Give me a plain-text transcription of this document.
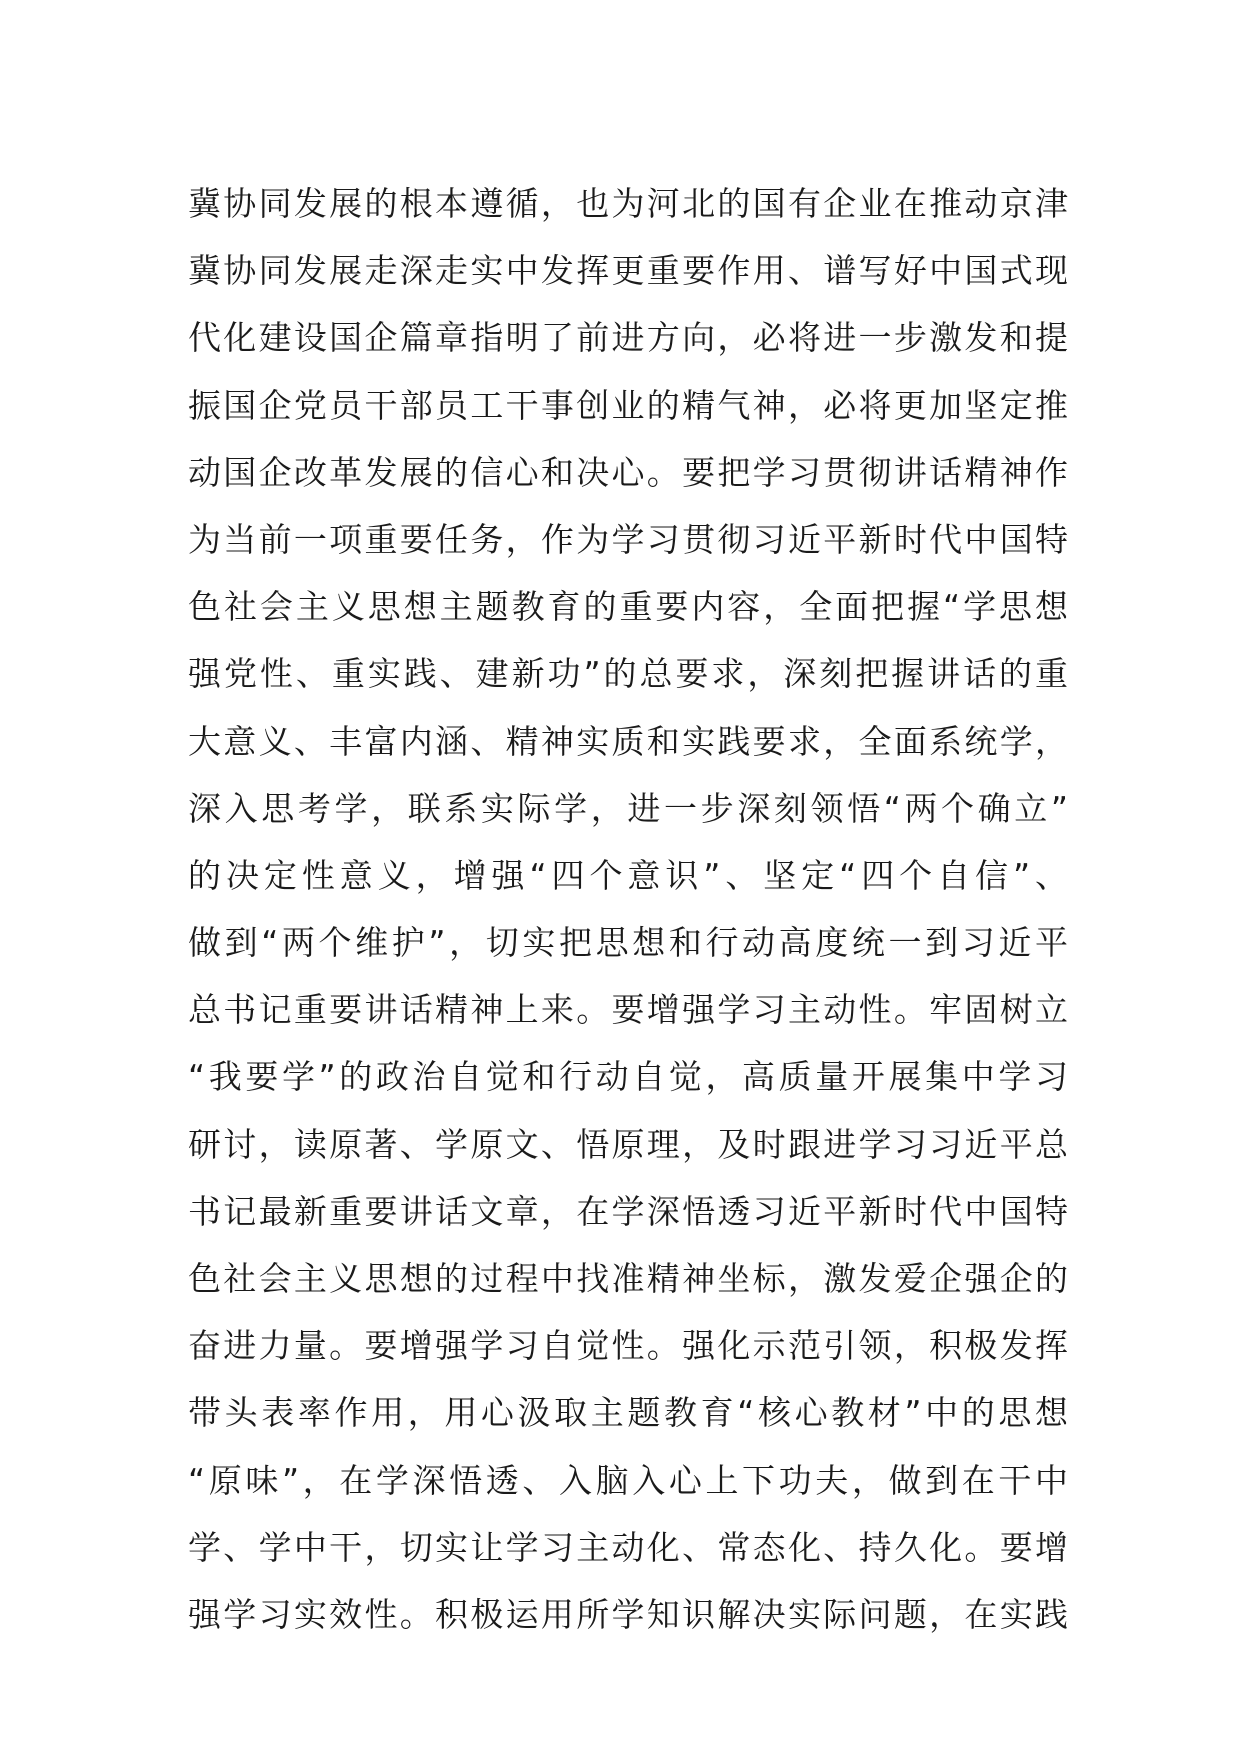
冀协同发展的根本遵循，也为河北的国有企业在推动京津
冀协同发展走深走实中发挥更重要作用、谱写好中国式现
代化建设国企篇章指明了前进方向，必将进一步激发和提
振国企党员干部员工干事创业的精气神，必将更加坚定推
动国企改革发展的信心和决心。要把学习贯彻讲话精神作
为当前一项重要任务，作为学习贯彻习近平新时代中国特
色社会主义思想主题教育的重要内容，全面把握“学思想
强党性、重实践、建新功”的总要求，深刻把握讲话的重
大意义、丰富内涵、精神实质和实践要求，全面系统学，
深入思考学，联系实际学，进一步深刻领悟“两个确立”
的决定性意义，增强“四个意识”、坚定“四个自信”、
做到“两个维护”，切实把思想和行动高度统一到习近平
总书记重要讲话精神上来。要增强学习主动性。牢固树立
“我要学”的政治自觉和行动自觉，高质量开展集中学习
研讨，读原著、学原文、悟原理，及时跟进学习习近平总
书记最新重要讲话文章，在学深悟透习近平新时代中国特
色社会主义思想的过程中找准精神坐标，激发爱企强企的
奋进力量。要增强学习自觉性。强化示范引领，积极发挥
带头表率作用，用心汲取主题教育“核心教材”中的思想
“原味”，在学深悟透、入脑入心上下功夫，做到在干中
学、学中干，切实让学习主动化、常态化、持久化。要增
强学习实效性。积极运用所学知识解决实际问题，在实践
